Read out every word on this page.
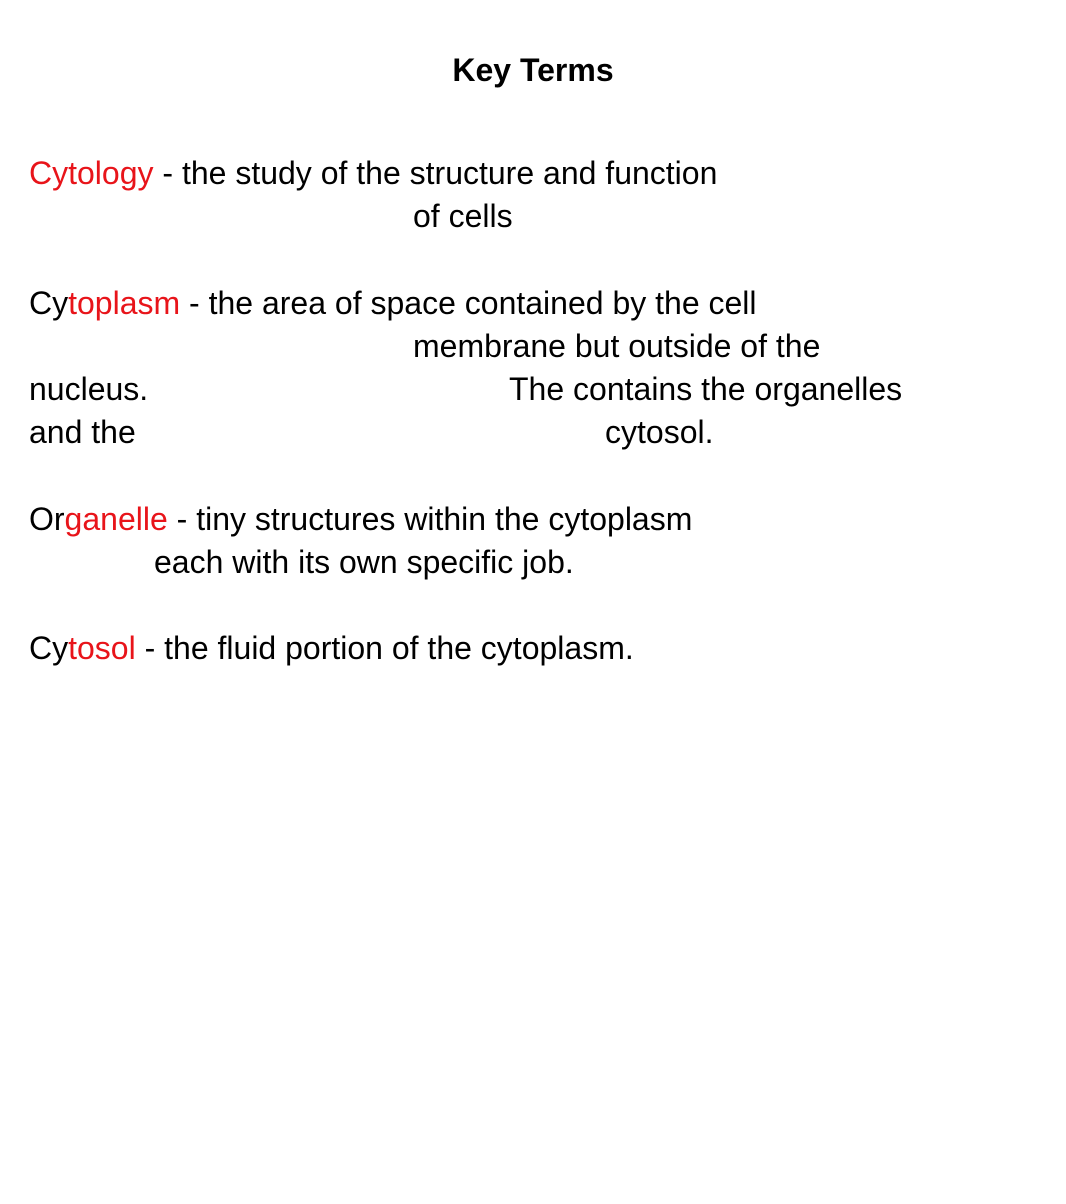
Key Terms
Cytology - the study of the structure and function
of cells
Cytoplasm - the area of space contained by the cell
membrane but outside of the
nucleus.	The contains the organelles
and the	cytosol.
Organelle - tiny structures within the cytoplasm
each with its own specific job.
Cytosol - the fluid portion of the cytoplasm.
